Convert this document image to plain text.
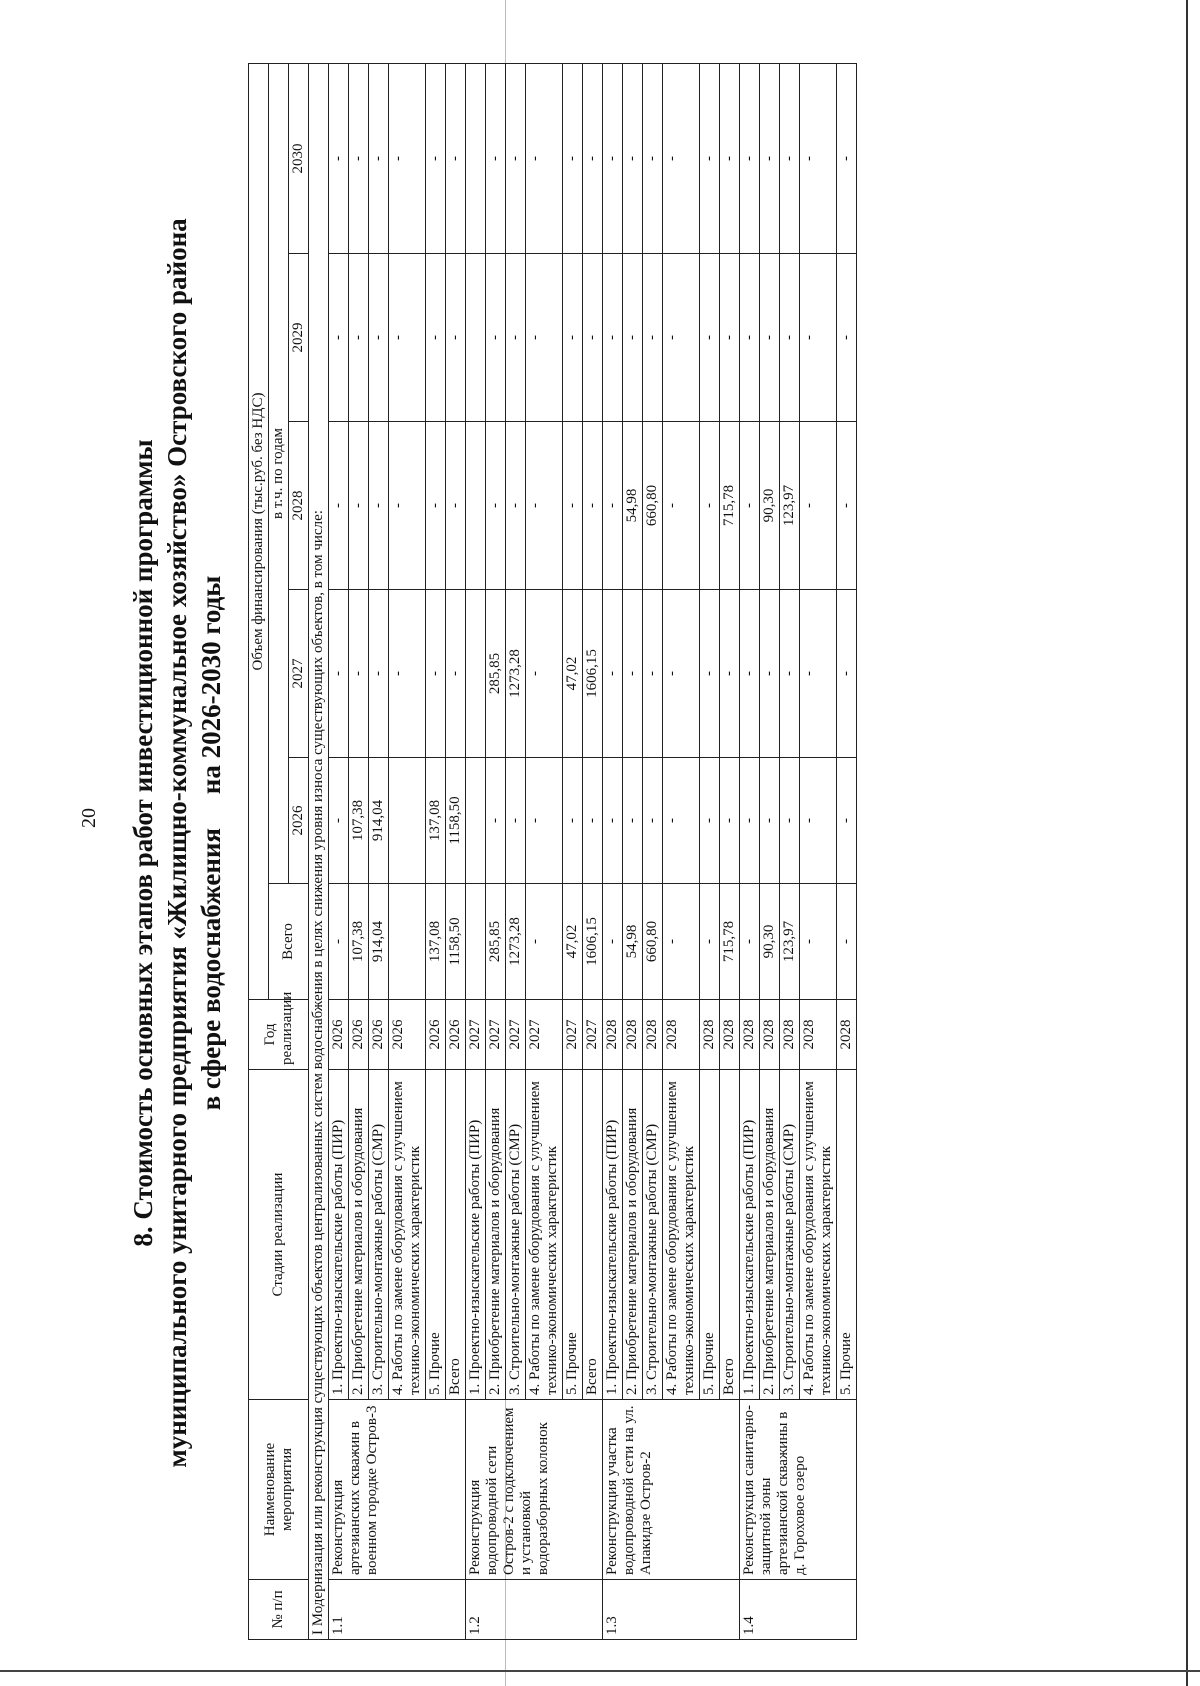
20 8. Стоимость основных этапов работ инвестиционной программы муниципального унитарного предприятия «Жилищно-коммунальное хозяйство» Островского района в сфере водоснабжения     на 2026-2030 годы
№ п/п	Наименование мероприятия	Стадии реализации	Год реализации	Объем финансирования (тыс.руб. без НДС)					
				Всего	в т.ч. по годам				
					2026	2027	2028	2029	2030
I Модернизация или реконструкция существующих объектов централизованных систем водоснабжения в целях снижения уровня износа существующих объектов, в том числе:									
1.1	Реконструкция артезианских скважин в военном городке Остров-3	1. Проектно-изыскательские работы (ПИР)	2026	-	-	-	-	-	-
		2. Приобретение материалов и оборудования	2026	107,38	107,38	-	-	-	-
		3. Строительно-монтажные работы (СМР)	2026	914,04	914,04	-	-	-	-
		4. Работы по замене оборудования с улучшением технико-экономических характеристик	2026			-	-	-	-
		5. Прочие	2026	137,08	137,08	-	-	-	-
		Всего	2026	1158,50	1158,50	-	-	-	-
1.2	Реконструкция водопроводной сети Остров-2 с подключением и установкой водоразборных колонок	1. Проектно-изыскательские работы (ПИР)	2027						
		2. Приобретение материалов и оборудования	2027	285,85	-	285,85	-	-	-
		3. Строительно-монтажные работы (СМР)	2027	1273,28	-	1273,28	-	-	-
		4. Работы по замене оборудования с улучшением технико-экономических характеристик	2027	-	-	-	-	-	-
		5. Прочие	2027	47,02	-	47,02	-	-	-
		Всего	2027	1606,15	-	1606,15	-	-	-
1.3	Реконструкция участка водопроводной сети на ул. Апакидзе Остров-2	1. Проектно-изыскательские работы (ПИР)	2028	-	-	-	-	-	-
		2. Приобретение материалов и оборудования	2028	54,98	-	-	54,98	-	-
		3. Строительно-монтажные работы (СМР)	2028	660,80	-	-	660,80	-	-
		4. Работы по замене оборудования с улучшением технико-экономических характеристик	2028	-	-	-	-	-	-
		5. Прочие	2028	-	-	-	-	-	-
		Всего	2028	715,78	-	-	715,78	-	-
1.4	Реконструкция санитарно-защитной зоны артезианской скважины в д. Гороховое озеро	1. Проектно-изыскательские работы (ПИР)	2028	-	-	-	-	-	-
		2. Приобретение материалов и оборудования	2028	90,30	-	-	90,30	-	-
		3. Строительно-монтажные работы (СМР)	2028	123,97	-	-	123,97	-	-
		4. Работы по замене оборудования с улучшением технико-экономических характеристик	2028	-	-	-	-	-	-
		5. Прочие	2028	-	-	-	-	-	-
